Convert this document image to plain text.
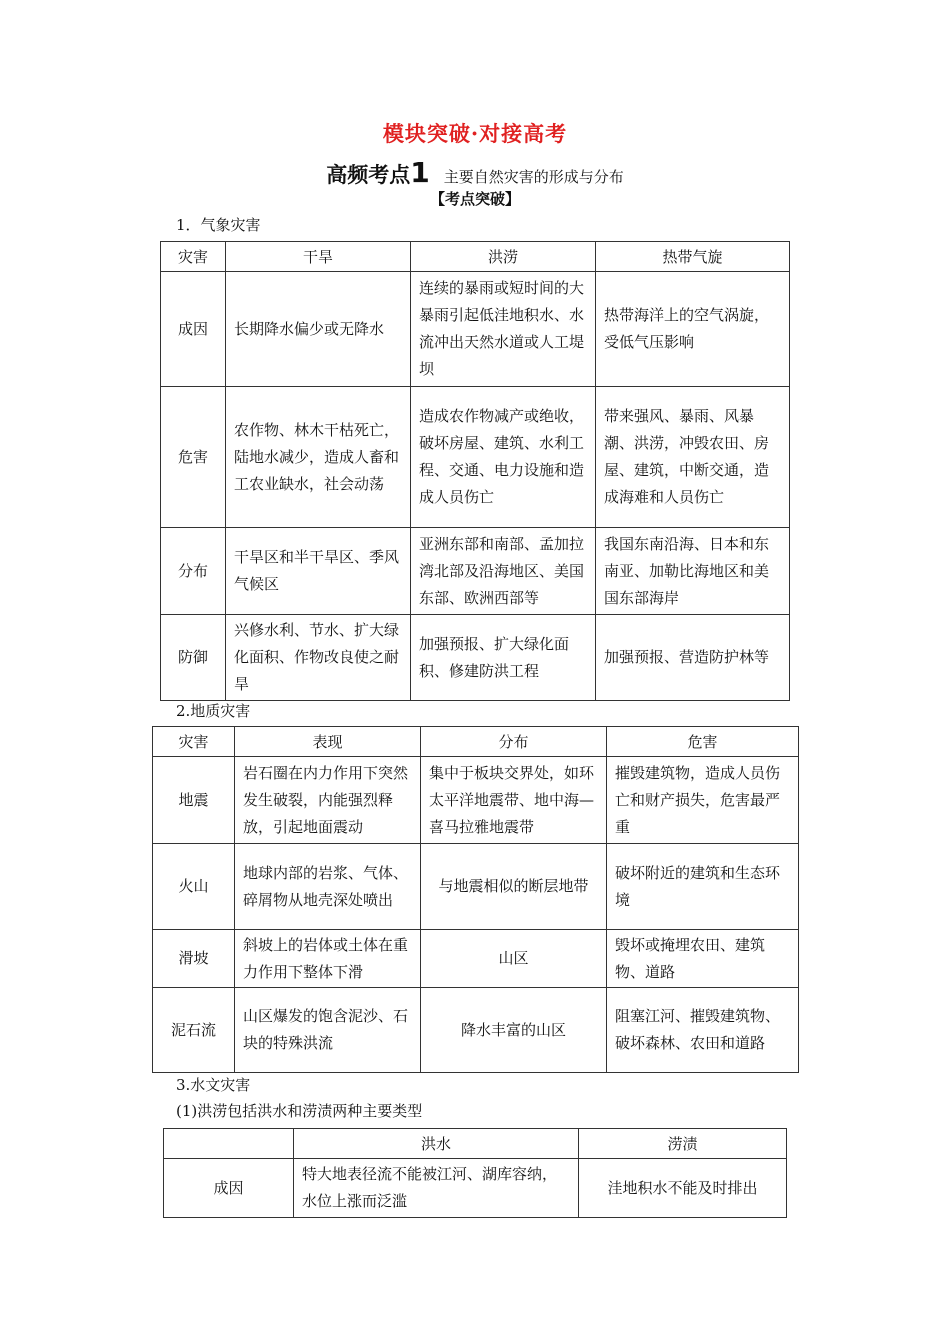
模块突破·对接高考
高频考点1 主要自然灾害的形成与分布
【考点突破】
1．气象灾害
灾害	干旱	洪涝	热带气旋
成因	长期降水偏少或无降水	连续的暴雨或短时间的大暴雨引起低洼地积水、水流冲出天然水道或人工堤坝	热带海洋上的空气涡旋，受低气压影响
危害	农作物、林木干枯死亡，陆地水减少，造成人畜和工农业缺水，社会动荡	造成农作物减产或绝收，破坏房屋、建筑、水利工程、交通、电力设施和造成人员伤亡	带来强风、暴雨、风暴潮、洪涝，冲毁农田、房屋、建筑，中断交通，造成海难和人员伤亡
分布	干旱区和半干旱区、季风气候区	亚洲东部和南部、孟加拉湾北部及沿海地区、美国东部、欧洲西部等	我国东南沿海、日本和东南亚、加勒比海地区和美国东部海岸
防御	兴修水利、节水、扩大绿化面积、作物改良使之耐旱	加强预报、扩大绿化面积、修建防洪工程	加强预报、营造防护林等
2.地质灾害
灾害	表现	分布	危害
地震	岩石圈在内力作用下突然发生破裂，内能强烈释放，引起地面震动	集中于板块交界处，如环太平洋地震带、地中海—喜马拉雅地震带	摧毁建筑物，造成人员伤亡和财产损失，危害最严重
火山	地球内部的岩浆、气体、碎屑物从地壳深处喷出	与地震相似的断层地带	破坏附近的建筑和生态环境
滑坡	斜坡上的岩体或土体在重力作用下整体下滑	山区	毁坏或掩埋农田、建筑物、道路
泥石流	山区爆发的饱含泥沙、石块的特殊洪流	降水丰富的山区	阻塞江河、摧毁建筑物、破坏森林、农田和道路
3.水文灾害
(1)洪涝包括洪水和涝渍两种主要类型
	洪水	涝渍
成因	特大地表径流不能被江河、湖库容纳，水位上涨而泛滥	洼地积水不能及时排出
